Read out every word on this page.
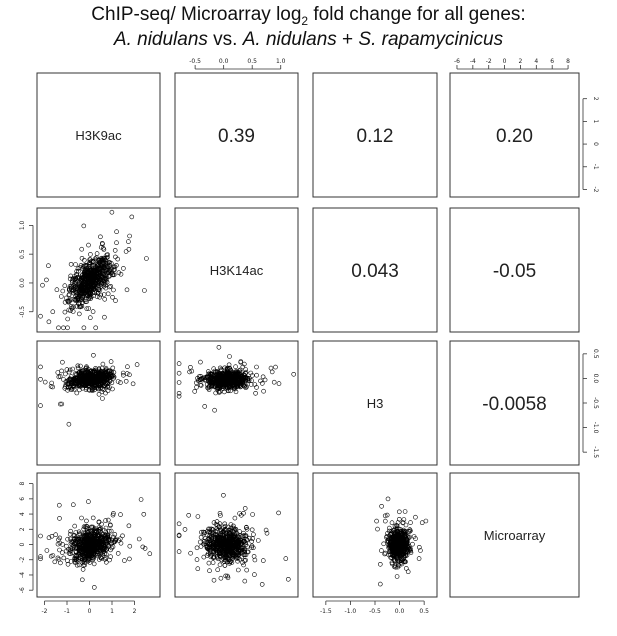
ChIP-seq/ Microarray $\log_2$ fold change for all genes:
A. nidulans vs. A. nidulans + S. rapamycinicus
-0.5	0.0	0.5	1.0	-6 -4 -2 0 2 4 6 8
-2	-1	0	1	2	-1.5 -1.0 -0.5 0.0	0.5
-0.5
0.0
0.5
1.0
-6
-4
-2
0
2
4
6
8
-2
-1
0
1
2
-1.5
-1.0
-0.5
0.0
0.5
H3K9ac
H3K14ac
H3
Microarray
0.39	0.12	0.20
0.043	-0.05
-0.0058
